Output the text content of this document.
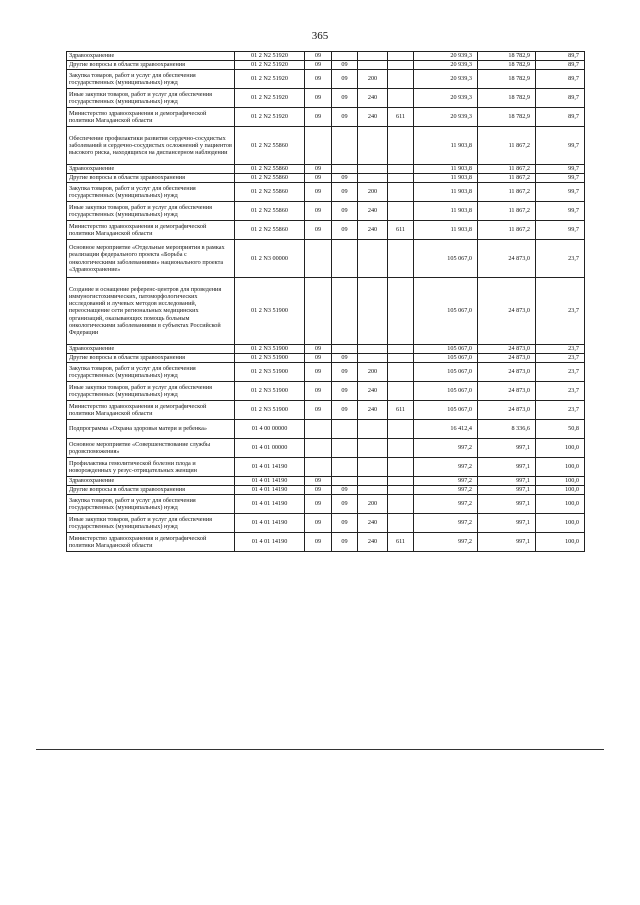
365
Здравоохранение	01 2 N2 51920	09				20 939,3	18 782,9	89,7
Другие вопросы в области здравоохранения	01 2 N2 51920	09	09			20 939,3	18 782,9	89,7
Закупка товаров, работ и услуг для обеспечения государственных (муниципальных) нужд	01 2 N2 51920	09	09	200		20 939,3	18 782,9	89,7
Иные закупки товаров, работ и услуг для обеспечения государственных (муниципальных) нужд	01 2 N2 51920	09	09	240		20 939,3	18 782,9	89,7
Министерство здравоохранения и демографической политики Магаданской области	01 2 N2 51920	09	09	240	611	20 939,3	18 782,9	89,7
Обеспечение профилактики развития сердечно-сосудистых заболеваний и сердечно-сосудистых осложнений у пациентов высокого риска, находящихся на диспансерном наблюдении	01 2 N2 55860					11 903,8	11 867,2	99,7
Здравоохранение	01 2 N2 55860	09				11 903,8	11 867,2	99,7
Другие вопросы в области здравоохранения	01 2 N2 55860	09	09			11 903,8	11 867,2	99,7
Закупка товаров, работ и услуг для обеспечения государственных (муниципальных) нужд	01 2 N2 55860	09	09	200		11 903,8	11 867,2	99,7
Иные закупки товаров, работ и услуг для обеспечения государственных (муниципальных) нужд	01 2 N2 55860	09	09	240		11 903,8	11 867,2	99,7
Министерство здравоохранения и демографической политики Магаданской области	01 2 N2 55860	09	09	240	611	11 903,8	11 867,2	99,7
Основное мероприятие «Отдельные мероприятия в рамках реализации федерального проекта «Борьба с онкологическими заболеваниями» национального проекта «Здравоохранение»	01 2 N3 00000					105 067,0	24 873,0	23,7
Создание и оснащение референс-центров для проведения иммуногистохимических, патоморфологических исследований и лучевых методов исследований, переоснащение сети региональных медицинских организаций, оказывающих помощь больным онкологическими заболеваниями в субъектах Российской Федерации	01 2 N3 51900					105 067,0	24 873,0	23,7
Здравоохранение	01 2 N3 51900	09				105 067,0	24 873,0	23,7
Другие вопросы в области здравоохранения	01 2 N3 51900	09	09			105 067,0	24 873,0	23,7
Закупка товаров, работ и услуг для обеспечения государственных (муниципальных) нужд	01 2 N3 51900	09	09	200		105 067,0	24 873,0	23,7
Иные закупки товаров, работ и услуг для обеспечения государственных (муниципальных) нужд	01 2 N3 51900	09	09	240		105 067,0	24 873,0	23,7
Министерство здравоохранения и демографической политики Магаданской области	01 2 N3 51900	09	09	240	611	105 067,0	24 873,0	23,7
Подпрограмма «Охрана здоровья матери и ребенка»	01 4 00 00000					16 412,4	8 336,6	50,8
Основное мероприятие «Совершенствование службы родовспоможения»	01 4 01 00000					997,2	997,1	100,0
Профилактика гемолитической болезни плода и новорожденных у резус-отрицательных женщин	01 4 01 14190					997,2	997,1	100,0
Здравоохранение	01 4 01 14190	09				997,2	997,1	100,0
Другие вопросы в области здравоохранения	01 4 01 14190	09	09			997,2	997,1	100,0
Закупка товаров, работ и услуг для обеспечения государственных (муниципальных) нужд	01 4 01 14190	09	09	200		997,2	997,1	100,0
Иные закупки товаров, работ и услуг для обеспечения государственных (муниципальных) нужд	01 4 01 14190	09	09	240		997,2	997,1	100,0
Министерство здравоохранения и демографической политики Магаданской области	01 4 01 14190	09	09	240	611	997,2	997,1	100,0
